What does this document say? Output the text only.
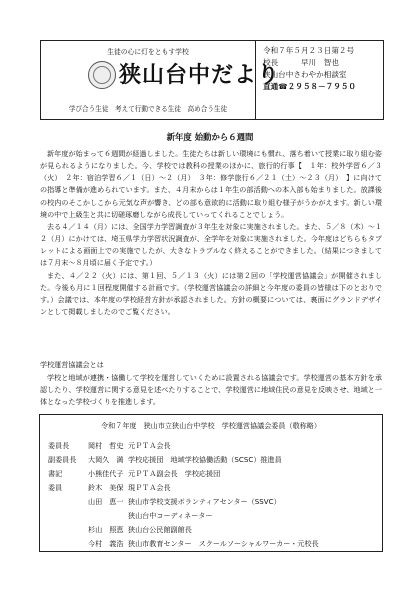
生徒の心に灯をともす学校
狭山台中だより
学び合う生徒　考えて行動できる生徒　高め合う生徒
令和７年５月２３日第２号
校長　　　早川　智也
狭山台中さわやか相談室
直通☎２９５８－７９５０
新年度 始動から６週間

新年度が始まって６週間が経過しました。生徒たちは新しい環境にも慣れ、落ち着いて授業に取り組む姿が見られるようになりました。今、学校では教科の授業のほかに、旅行的行事【　１年：校外学習６／３（火）　２年：宿泊学習６／１（日）～２（月）　３年：修学旅行６／２１（土）～２３（月）　】に向けての指導と準備が進められています。また、４月末からは１年生の部活動への本入部も始まりました。放課後の校内のそこかしこから元気な声が響き、どの部も意欲的に活動に取り組む様子がうかがえます。新しい環境の中で上級生と共に切磋琢磨しながら成長していってくれることでしょう。

去る４／１４（月）には、全国学力学習調査が３年生を対象に実施されました。また、５／８（木）～１２（月）にかけては、埼玉県学力学習状況調査が、全学年を対象に実施されました。今年度はどちらもタブレットによる画面上での実施でしたが、大きなトラブルなく終えることができました。（結果につきましては７月末～８月頃に届く予定です。）

また、４／２２（火）には、第１回、５／１３（火）には第２回の「学校運営協議会」が開催されました。今後も月に１回程度開催する計画です。（学校運営協議会の詳細と今年度の委員の皆様は下のとおりです。）会議では、本年度の学校経営方針が承認されました。方針の概要については、裏面にグランドデザインとして掲載しましたのでご覧ください。

学校運営協議会とは

学校と地域が連携・協働して学校を運営していくために設置される協議会です。学校運営の基本方針を承認したり、学校運営に関する意見を述べたりすることで、学校運営に地域住民の意見を反映させ、地域と一体となった学校づくりを推進します。

令和７年度　狭山市立狭山台中学校　学校運営協議会委員（敬称略）
委員長	岡村　哲史 元ＰＴＡ会長
副委員長 大岡久　満 学校応援団　地域学校協働活動（SCSC）推進員
書記	小熊佳代子 元ＰＴＡ副会長　学校応援団
委員	鈴木　美保 現ＰＴＡ会長
山田　恵一 狭山市学校支援ボランティアセンター（SSVC）
狭山台中コーディネーター
杉山　照恵 狭山台公民館副館長
今村　義浩 狭山市教育センター　スクールソーシャルワーカー・元校長
